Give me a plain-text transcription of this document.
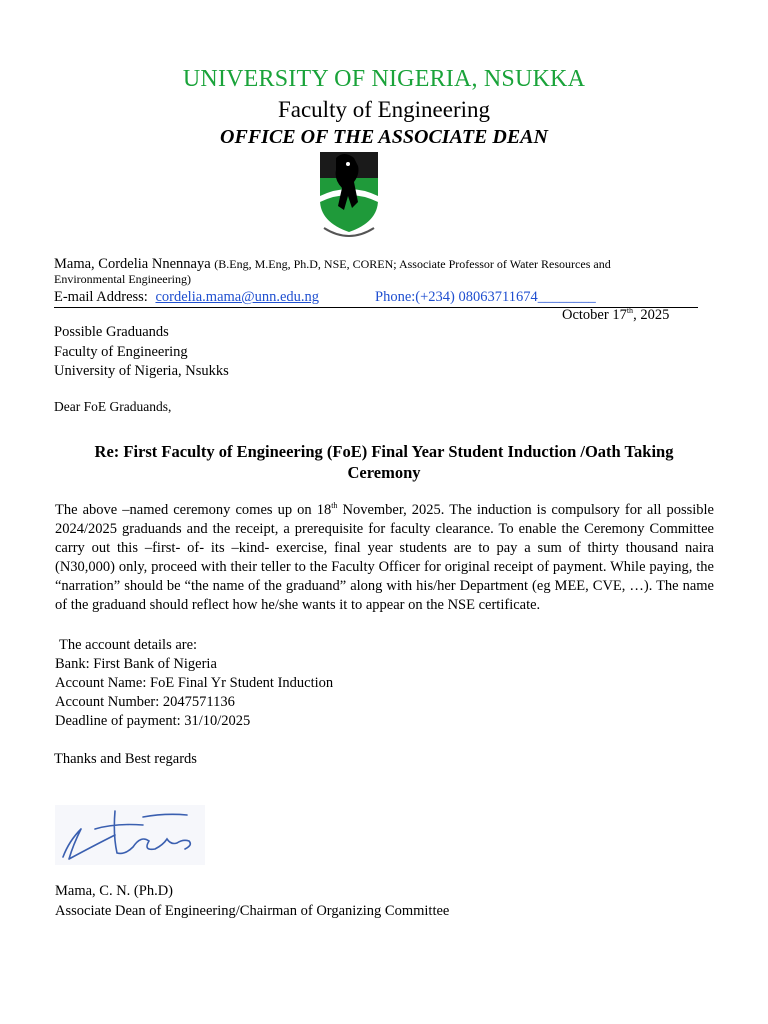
UNIVERSITY OF NIGERIA, NSUKKA
Faculty of Engineering
OFFICE OF THE ASSOCIATE DEAN
Mama, Cordelia Nnennaya (B.Eng, M.Eng, Ph.D, NSE, COREN; Associate Professor of Water Resources and
Environmental Engineering)
E-mail Address: cordelia.mama@unn.edu.ng	Phone:(+234) 08063711674________
October 17th, 2025
Possible Graduands
Faculty of Engineering
University of Nigeria, Nsukks
Dear FoE Graduands,
Re: First Faculty of Engineering (FoE) Final Year Student Induction /Oath Taking Ceremony
The above –named ceremony comes up on 18th November, 2025. The induction is compulsory for all possible 2024/2025 graduands and the receipt, a prerequisite for faculty clearance. To enable the Ceremony Committee carry out this –first- of- its –kind- exercise, final year students are to pay a sum of thirty thousand naira (N30,000) only, proceed with their teller to the Faculty Officer for original receipt of payment. While paying, the “narration” should be “the name of the graduand” along with his/her Department (eg MEE, CVE, …). The name of the graduand should reflect how he/she wants it to appear on the NSE certificate.
The account details are:
Bank: First Bank of Nigeria
Account Name: FoE Final Yr Student Induction
Account Number: 2047571136
Deadline of payment: 31/10/2025
Thanks and Best regards
Mama, C. N. (Ph.D)
Associate Dean of Engineering/Chairman of Organizing Committee
